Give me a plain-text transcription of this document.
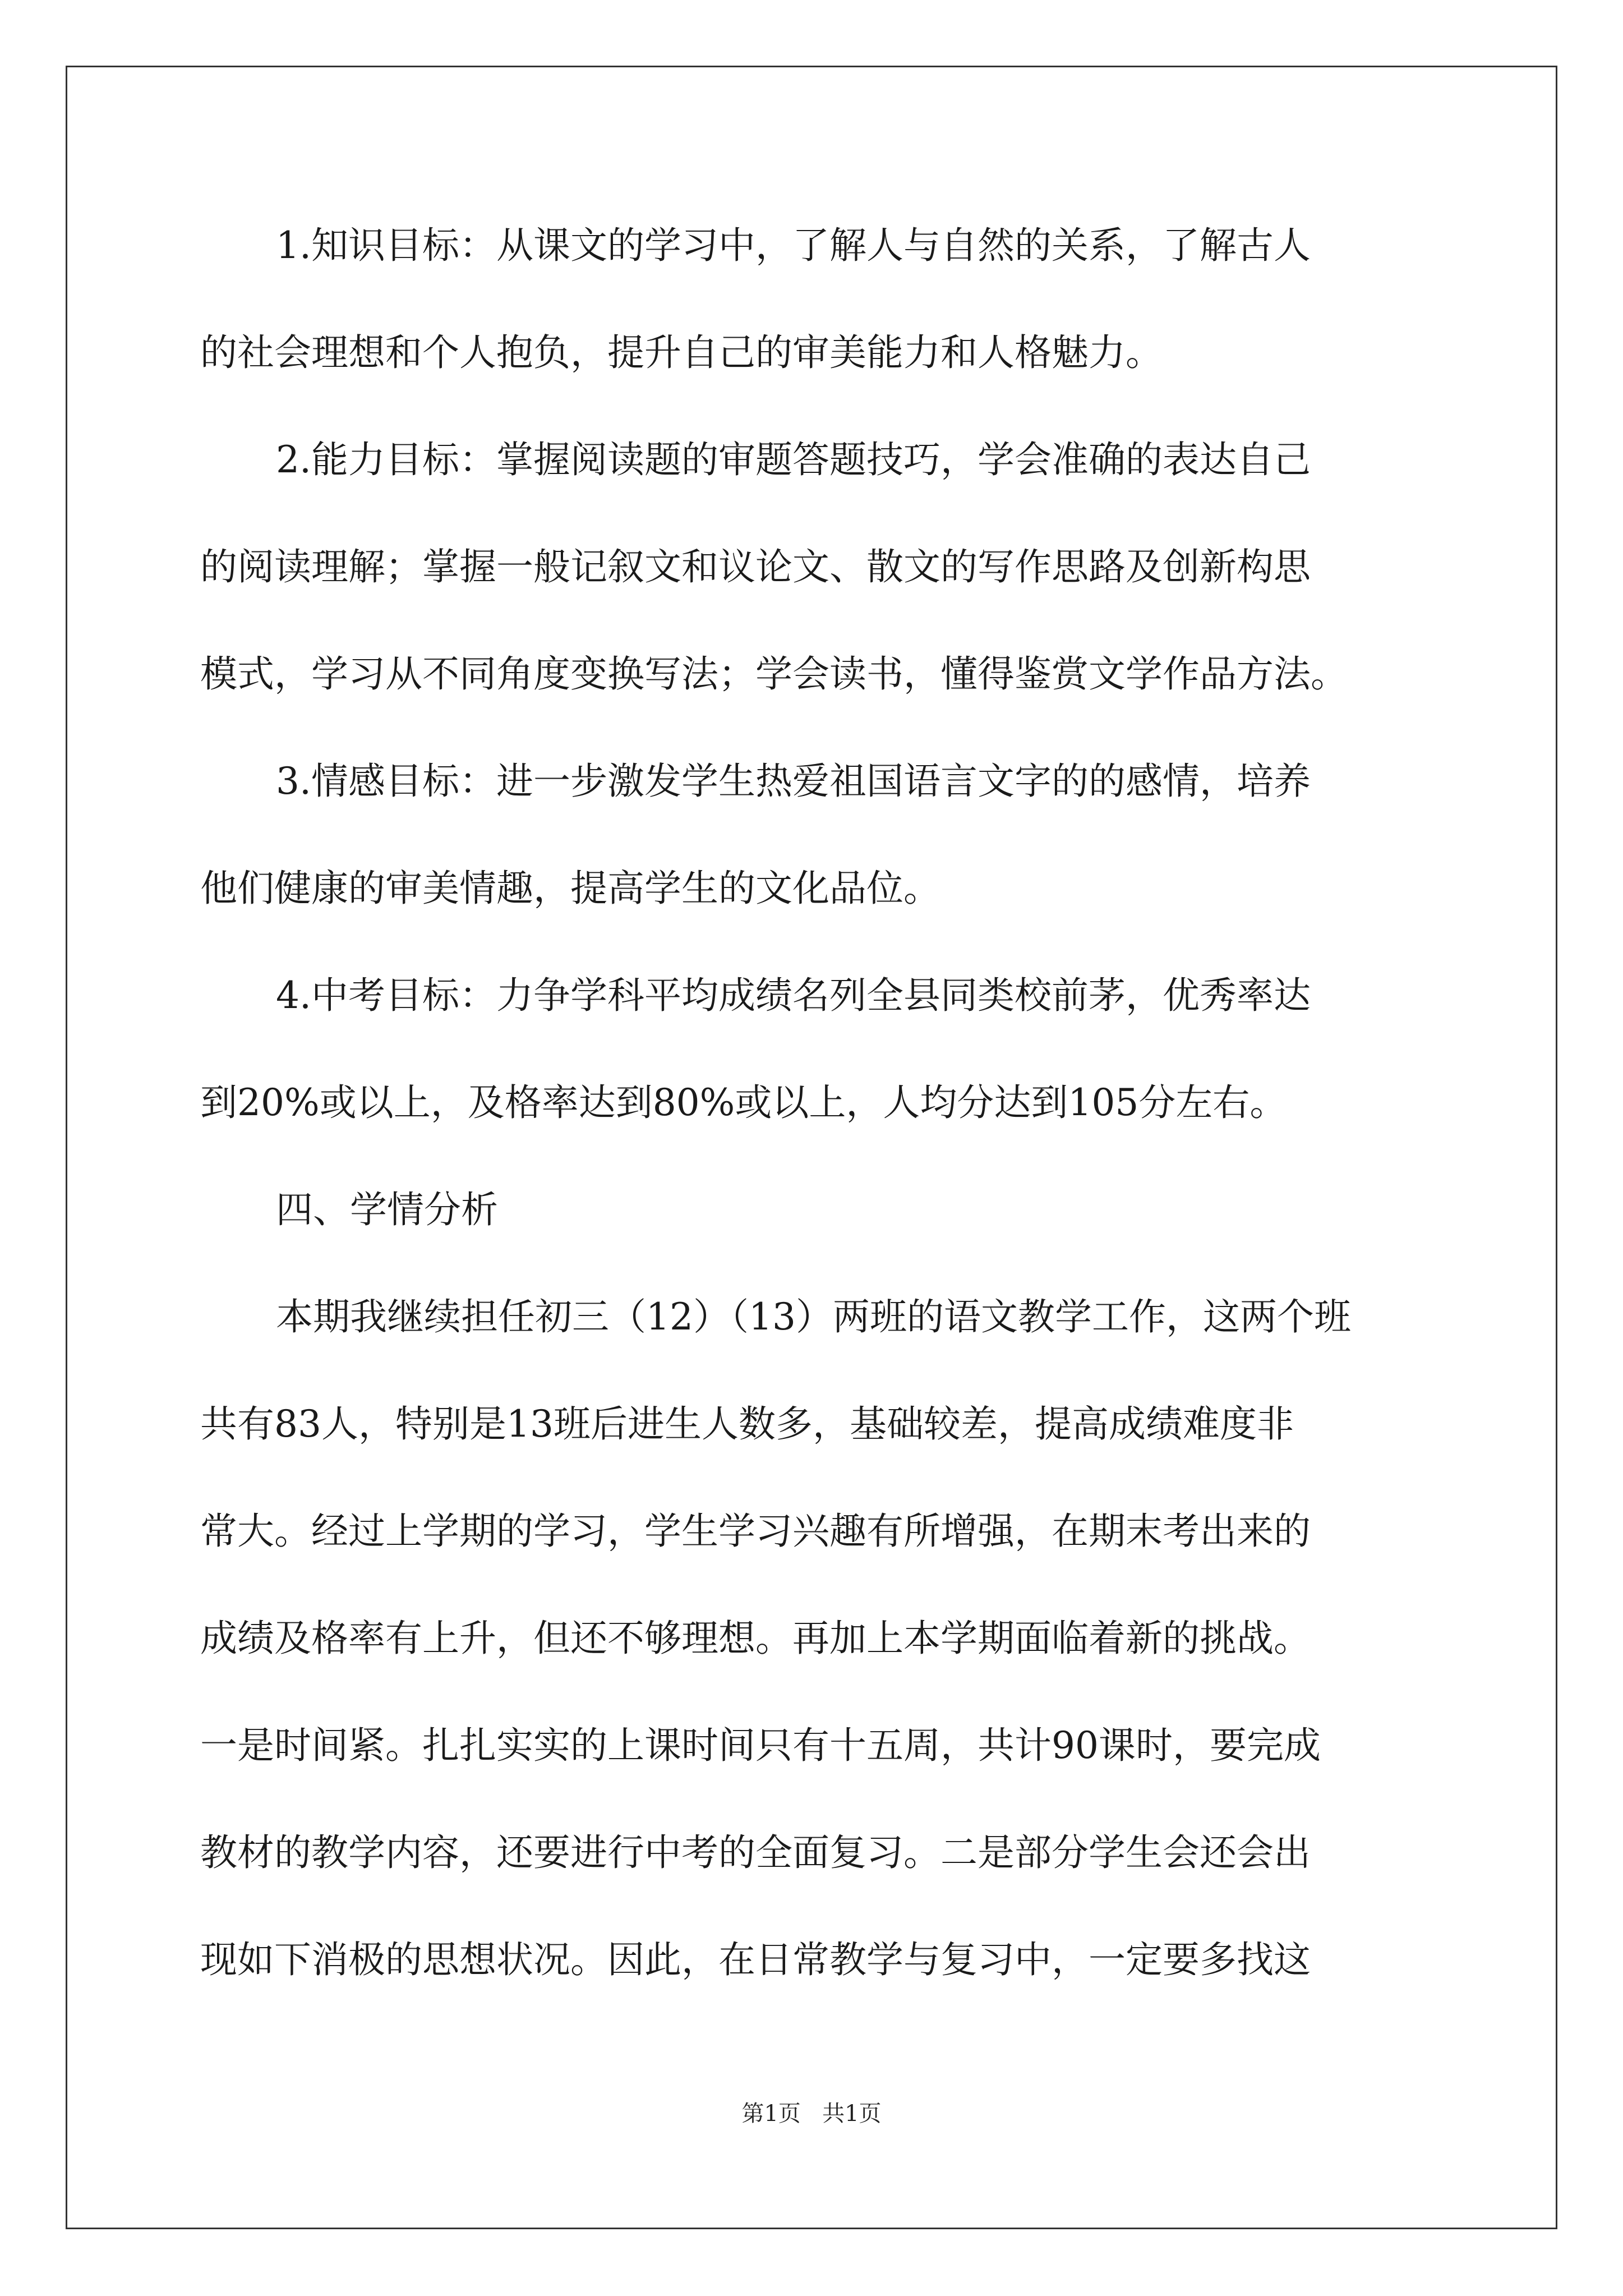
1.知识目标：从课文的学习中，了解人与自然的关系，了解古人
的社会理想和个人抱负，提升自己的审美能力和人格魅力。
2.能力目标：掌握阅读题的审题答题技巧，学会准确的表达自己
的阅读理解；掌握一般记叙文和议论文、散文的写作思路及创新构思
模式，学习从不同角度变换写法；学会读书，懂得鉴赏文学作品方法。
3.情感目标：进一步激发学生热爱祖国语言文字的的感情，培养
他们健康的审美情趣，提高学生的文化品位。
4.中考目标：力争学科平均成绩名列全县同类校前茅，优秀率达
到20%或以上，及格率达到80%或以上，人均分达到105分左右。
四、学情分析
本期我继续担任初三（12）（13）两班的语文教学工作，这两个班
共有83人，特别是13班后进生人数多，基础较差，提高成绩难度非
常大。经过上学期的学习，学生学习兴趣有所增强，在期末考出来的
成绩及格率有上升，但还不够理想。再加上本学期面临着新的挑战。
一是时间紧。扎扎实实的上课时间只有十五周，共计90课时，要完成
教材的教学内容，还要进行中考的全面复习。二是部分学生会还会出
现如下消极的思想状况。因此，在日常教学与复习中，一定要多找这
第1页 共1页
